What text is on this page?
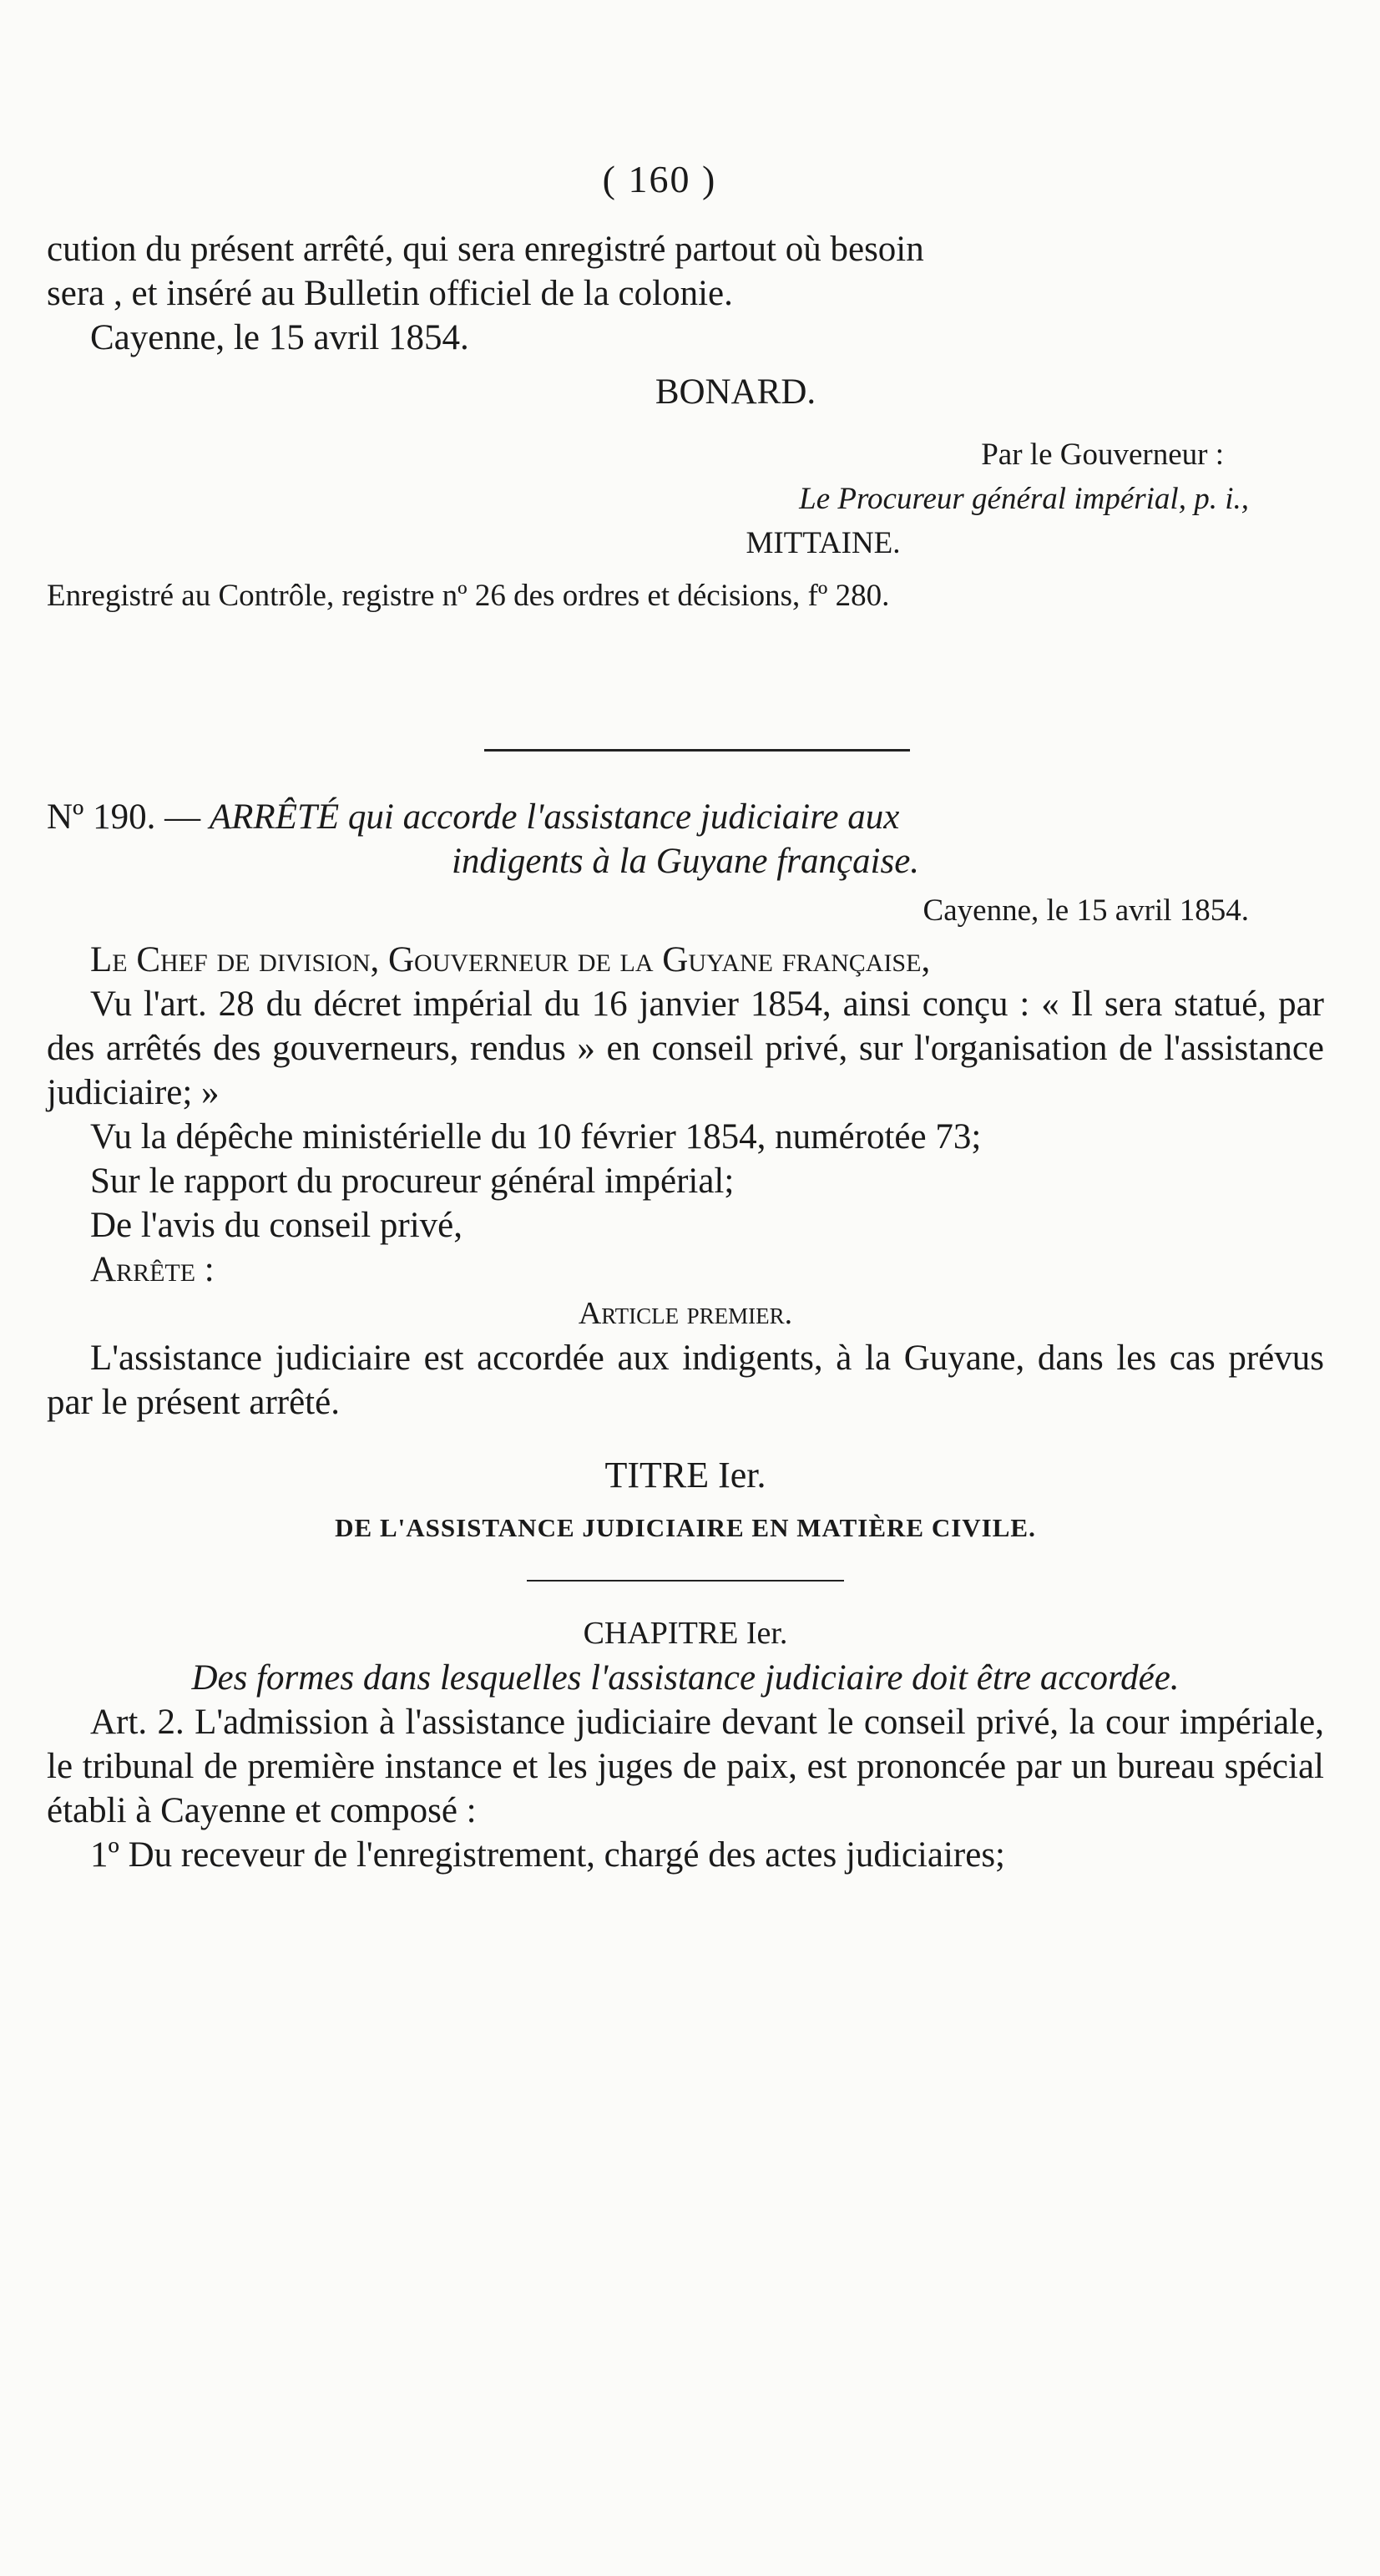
( 160 )
cution du présent arrêté, qui sera enregistré partout où besoin
sera , et inséré au Bulletin officiel de la colonie.
Cayenne, le 15 avril 1854.
BONARD.
Par le Gouverneur :
Le Procureur général impérial, p. i.,
MITTAINE.
Enregistré au Contrôle, registre nº 26 des ordres et décisions, fº 280.
Nº 190. — ARRÊTÉ qui accorde l'assistance judiciaire aux
indigents à la Guyane française.
Cayenne, le 15 avril 1854.
Le Chef de division, Gouverneur de la Guyane française,
Vu l'art. 28 du décret impérial du 16 janvier 1854, ainsi conçu : « Il sera statué, par des arrêtés des gouverneurs, rendus » en conseil privé, sur l'organisation de l'assistance judiciaire; »
Vu la dépêche ministérielle du 10 février 1854, numérotée 73;
Sur le rapport du procureur général impérial;
De l'avis du conseil privé,
Arrête :
Article premier.
L'assistance judiciaire est accordée aux indigents, à la Guyane, dans les cas prévus par le présent arrêté.
TITRE Ier.
DE L'ASSISTANCE JUDICIAIRE EN MATIÈRE CIVILE.
CHAPITRE Ier.
Des formes dans lesquelles l'assistance judiciaire doit être accordée.
Art. 2. L'admission à l'assistance judiciaire devant le conseil privé, la cour impériale, le tribunal de première instance et les juges de paix, est prononcée par un bureau spécial établi à Cayenne et composé :
1º Du receveur de l'enregistrement, chargé des actes judiciaires;
